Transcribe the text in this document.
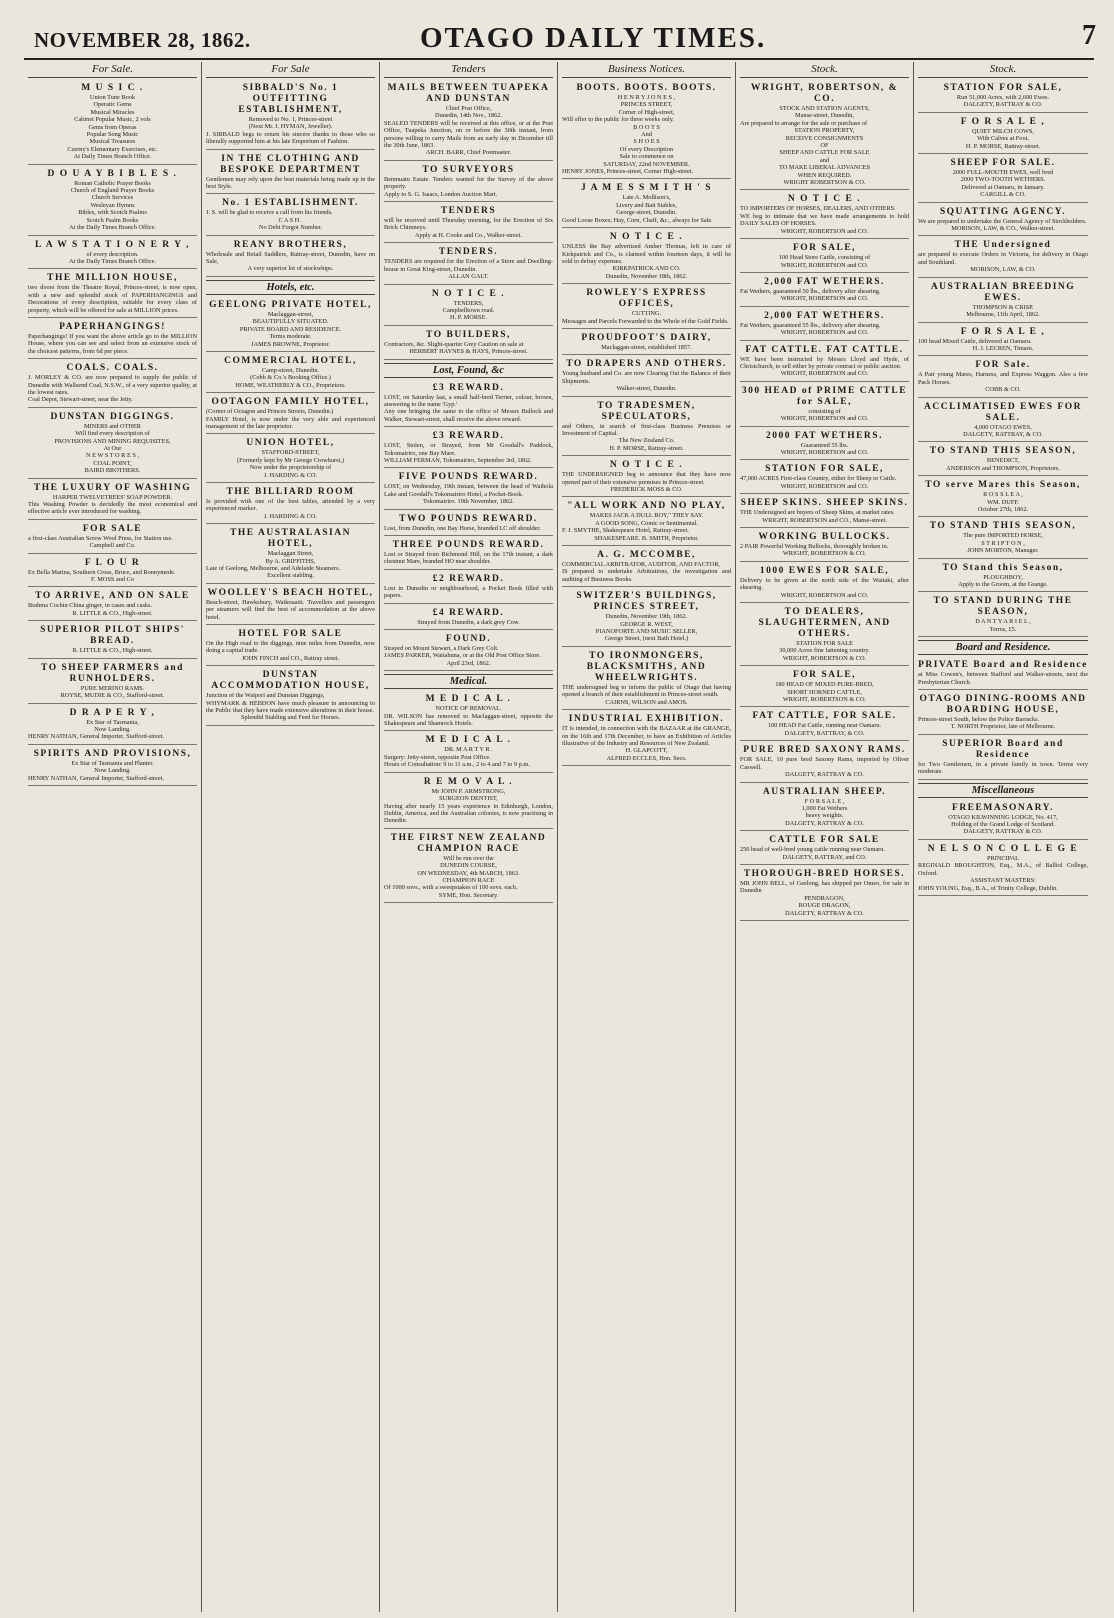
NOVEMBER 28, 1862.	OTAGO DAILY TIMES.	7
For Sale.
M U S I C .
Union Tune Book
Operatic Gems
Musical Miracles
Cabinet Popular Music, 2 vols
Gems from Operas
Popular Song Music
Musical Treasures
Czerny's Elementary Exercises, etc.
At Daily Times Branch Office.
D O U A Y B I B L E S .
Roman Catholic Prayer Books
Church of England Prayer Books
Church Services
Wesleyan Hymns
Bibles, with Scotch Psalms
Scotch Psalm Books
At the Daily Times Branch Office.
L A W S T A T I O N E R Y ,
of every description.
At the Daily Times Branch Office.
THE MILLION HOUSE,
two doors from the Theatre Royal, Princes-street, is now open, with a new and splendid stock of PAPERHANGINGS and Decorations of every description, suitable for every class of property, which will be offered for sale at MILLION prices.
PAPERHANGINGS!
Paperhangings! If you want the above article go to the MILLION House, where you can see and select from an extensive stock of the choicest patterns, from 6d per piece.
COALS. COALS.
J. MORLEY & CO. are now prepared to supply the public of Dunedin with Wallsend Coal, N.S.W., of a very superior quality, at the lowest rates.
Coal Depot, Stewart-street, near the Jetty.
DUNSTAN DIGGINGS.
MINERS and OTHER
Will find every description of
PROVISIONS AND MINING REQUISITES,
At Our
N E W S T O R E S ,
COAL POINT,
BAIRD BROTHERS.
THE LUXURY OF WASHING
HARPER TWELVETREES' SOAP POWDER.
This Washing Powder is decidedly the most economical and effective article ever introduced for washing.
FOR SALE
a first-class Australian Screw Wool Press, for Station use.
Campbell and Co.
F L O U R
Ex Bella Marina, Southern Cross, Bruce, and Ronnymede.
F. MOSS and Co
TO ARRIVE, AND ON SALE
Brahma Cochin China ginger, in cases and casks.
R. LITTLE & CO., High-street.
SUPERIOR PILOT SHIPS' BREAD.
R. LITTLE & CO., High-street.
TO SHEEP FARMERS and RUNHOLDERS.
PURE MERINO RAMS.
ROYSE, MUDIE & CO., Stafford-street.
D R A P E R Y ,
Ex Star of Tasmania,
Now Landing.
HENRY NATHAN, General Importer, Stafford-street.
SPIRITS AND PROVISIONS,
Ex Star of Tasmania and Planter.
Now Landing.
HENRY NATHAN, General Importer, Stafford-street.
For Sale
SIBBALD'S No. 1 OUTFITTING ESTABLISHMENT,
Removed to No. 1, Princes-street
(Next Mr. J. HYMAN, Jeweller).
J. SIBBALD begs to return his sincere thanks to those who so liberally supported him at his late Emporium of Fashion.
IN THE CLOTHING AND BESPOKE DEPARTMENT
Gentlemen may rely upon the best materials being made up in the best Style.
No. 1 ESTABLISHMENT.
J. S. will be glad to receive a call from his friends.
C A S H .
No Debt Forgot Number.
REANY BROTHERS,
Wholesale and Retail Saddlers, Rattray-street, Dunedin, have on Sale,
A very superior lot of stockwhips.
Hotels, etc.
GEELONG PRIVATE HOTEL,
Maclaggan-street,
BEAUTIFULLY SITUATED.
PRIVATE BOARD AND RESIDENCE.
Terms moderate.
JAMES BROWNE, Proprietor.
COMMERCIAL HOTEL,
Camp-street, Dunedin.
(Cobb & Co.'s Booking Office.)
HOME, WEATHERLY & CO., Proprietors.
OOTAGON FAMILY HOTEL,
(Corner of Octagon and Princes Streets, Dunedin.)
FAMILY Hotel, is now under the very able and experienced management of the late proprietor.
UNION HOTEL,
STAFFORD-STREET,
(Formerly kept by Mr George Crowhurst,)
Now under the proprietorship of
J. HARDING & CO.
THE BILLIARD ROOM
Is provided with one of the best tables, attended by a very experienced marker.
J. HARDING & CO.
THE AUSTRALASIAN HOTEL,
Maclaggan Street,
By A. GRIFFITHS,
Late of Geelong, Melbourne, and Adelaide Steamers.
Excellent stabling.
WOOLLEY'S BEACH HOTEL,
Beach-street, Hawksbury, Waikouaiti. Travellers and passengers per steamers will find the best of accommodation at the above hotel.
HOTEL FOR SALE
On the High road to the diggings, nine miles from Dunedin, now doing a capital trade.
JOHN FINCH and CO., Rattray street.
DUNSTAN ACCOMMODATION HOUSE,
Junction of the Waipori and Dunstan Diggings,
WHYMARK & HEBDON have much pleasure in announcing to the Public that they have made extensive alterations in their house.
Splendid Stabling and Feed for Horses.
Tenders
MAILS BETWEEN TUAPEKA AND DUNSTAN
Chief Post Office,
Dunedin, 14th Nov., 1862.
SEALED TENDERS will be received at this office, or at the Post Office, Tuapeka Junction, on or before the 30th instant, from persons willing to carry Mails from an early day in December till the 30th June, 1863.
ARCH. BARR, Chief Postmaster.
TO SURVEYORS
Benmuatu Estate. Tenders wanted for the Survey of the above property.
Apply to S. G. Isaacs, London Auction Mart.
TENDERS
will be received until Thursday morning, for the Erection of Six Brick Chimneys.
Apply at H. Cooke and Co., Walker-street.
TENDERS.
TENDERS are required for the Erection of a Store and Dwelling-house in Great King-street, Dunedin.
ALLAN GALT.
N O T I C E .
TENDERS,
Campbelltown road.
H. P. MORSE.
TO BUILDERS,
Contractors, &c. Slight-quarter Grey Caution on sale at
HERBERT HAYNES & HAYS, Princes-street.
Lost, Found, &c
£3 REWARD.
LOST, on Saturday last, a small half-bred Terrier, colour, brown, answering to the name 'Gyp.'
Any one bringing the same to the office of Messrs Bullock and Walker, Stewart-street, shall receive the above reward.
£3 REWARD.
LOST, Stolen, or Strayed, from Mr Goodall's Paddock, Tokomairiro, one Bay Mare.
WILLIAM FERMAN, Tokomairiro, September 3rd, 1862.
FIVE POUNDS REWARD.
LOST, on Wednesday, 19th instant, between the head of Waihola Lake and Goodall's Tokomairiro Hotel, a Pocket-Book.
Tokomairiro. 19th November, 1862.
TWO POUNDS REWARD.
Lost, from Dunedin, one Bay Horse, branded LC off shoulder.
THREE POUNDS REWARD.
Lost or Strayed from Richmond Hill, on the 17th instant, a dark chestnut Mare, branded HO near shoulder.
£2 REWARD.
Lost in Dunedin or neighbourhood, a Pocket Book filled with papers.
£4 REWARD.
Strayed from Dunedin, a dark grey Cow.
FOUND.
Strayed on Mount Stewart, a Dark Grey Colt.
JAMES PARKER, Waitahuna, or at the Old Post Office Store.
April 23rd, 1862.
Medical.
M E D I C A L .
NOTICE OF REMOVAL.
DR. WILSON has removed to Maclaggan-street, opposite the Shakespeare and Shamrock Hotels.
M E D I C A L .
DR. M A R T Y R .
Surgery: Jetty-street, opposite Post Office.
Hours of Consultation: 9 to 11 a.m., 2 to 4 and 7 to 9 p.m.
R E M O V A L .
Mr JOHN P. ARMSTRONG,
SURGEON DENTIST,
Having after nearly 15 years experience in Edinburgh, London, Dublin, America, and the Australian colonies, is now practising in Dunedin.
THE FIRST NEW ZEALAND CHAMPION RACE
Will be run over the
DUNEDIN COURSE,
ON WEDNESDAY, 4th MARCH, 1863.
CHAMPION RACE
Of 1000 sovs., with a sweepstakes of 100 sovs. each.
SYME, Hon. Secretary.
Business Notices.
BOOTS. BOOTS. BOOTS.
H E N R Y J O N E S ,
PRINCES STREET,
Corner of High-street,
Will offer to the public for three weeks only.
B O O T S
And
S H O E S
Of every Description
Sale to commence on
SATURDAY, 22nd NOVEMBER.
HENRY JONES, Princes-street, Corner High-street.
J A M E S S M I T H ' S
Late A. Mollison's,
Livery and Bait Stables,
George-street, Dunedin.
Good Loose Boxes; Hay, Corn, Chaff, &c., always for Sale.
N O T I C E .
UNLESS the Bay advertised Amber Thomas, left in care of Kirkpatrick and Co., is claimed within fourteen days, it will be sold to defray expenses.
KIRKPATRICK AND CO.
Dunedin, November 18th, 1862.
ROWLEY'S EXPRESS OFFICES,
CUTTING.
Messages and Parcels Forwarded to the Whole of the Gold Fields.
PROUDFOOT'S DAIRY,
Maclaggan-street, established 1857.
TO DRAPERS AND OTHERS.
Young husband and Co. are now Clearing Out the Balance of their Shipments.
Walker-street, Dunedin.
TO TRADESMEN, SPECULATORS,
and Others, in search of first-class Business Premises or Investment of Capital.
The New Zealand Co.
H. P. MORSE, Rattray-street.
N O T I C E .
THE UNDERSIGNED beg to announce that they have now opened part of their extensive premises in Princes-street.
FREDERICK MOSS & CO.
"ALL WORK AND NO PLAY,
MAKES JACK A DULL BOY," THEY SAY.
A GOOD SONG, Comic or Sentimental.
F. J. SMYTHE, Shakespeare Hotel, Rattray-street.
SHAKESPEARE. B. SMITH, Proprietor.
A. G. MCCOMBE,
COMMERCIAL ARBITRATOR, AUDITOR, AND FACTOR,
IS prepared to undertake Arbitrations, the investigation and auditing of Business Books.
SWITZER'S BUILDINGS, PRINCES STREET,
Dunedin, November 19th, 1862.
GEORGE R. WEST,
PIANOFORTE AND MUSIC SELLER,
George Street, (next Bath Hotel.)
TO IRONMONGERS, BLACKSMITHS, AND WHEELWRIGHTS.
THE undersigned beg to inform the public of Otago that having opened a branch of their establishment in Princes-street south.
CAIRNS, WILSON and AMOS.
INDUSTRIAL EXHIBITION.
IT is intended, in connection with the BAZAAR at the GRANGE, on the 16th and 17th December, to have an Exhibition of Articles illustrative of the Industry and Resources of New Zealand.
H. GLAPCOTT,
ALFRED ECCLES, Hon. Secs.
Stock.
WRIGHT, ROBERTSON, & CO.
STOCK AND STATION AGENTS,
Manse-street, Dunedin,
Are prepared to arrange for the sale or purchase of
STATION PROPERTY,
RECEIVE CONSIGNMENTS
OF
SHEEP AND CATTLE FOR SALE
and
TO MAKE LIBERAL ADVANCES
WHEN REQUIRED.
WRIGHT ROBERTSON & CO.
N O T I C E .
TO IMPORTERS OF HORSES, DEALERS, AND OTHERS.
WE beg to intimate that we have made arrangements to hold DAILY SALES OF HORSES.
WRIGHT, ROBERTSON and CO.
FOR SALE,
100 Head Store Cattle, consisting of
WRIGHT, ROBERTSON and CO.
2,000 FAT WETHERS.
Fat Wethers, guaranteed 50 lbs., delivery after shearing.
WRIGHT, ROBERTSON and CO.
2,000 FAT WETHERS.
Fat Wethers, guaranteed 55 lbs., delivery after shearing.
WRIGHT, ROBERTSON and CO.
FAT CATTLE. FAT CATTLE.
WE have been instructed by Messrs Lloyd and Hyde, of Christchurch, to sell either by private contract or public auction.
WRIGHT, ROBERTSON and CO.
300 HEAD of PRIME CATTLE for SALE,
consisting of
WRIGHT, ROBERTSON and CO.
2000 FAT WETHERS.
Guaranteed 55 lbs.
WRIGHT, ROBERTSON and CO.
STATION FOR SALE,
47,000 ACRES First-class Country, either for Sheep or Cattle.
WRIGHT, ROBERTSON and CO.
SHEEP SKINS. SHEEP SKINS.
THE Undersigned are buyers of Sheep Skins, at market rates.
WRIGHT, ROBERTSON and CO., Manse-street.
WORKING BULLOCKS.
2 PAIR Powerful Working Bullocks, thoroughly broken in.
WRIGHT, ROBERTSON & CO.
1000 EWES FOR SALE,
Delivery to be given at the north side of the Waitaki, after shearing.
WRIGHT, ROBERTSON and CO.
TO DEALERS, SLAUGHTERMEN, AND OTHERS.
STATION FOR SALE
30,000 Acres fine fattening country.
WRIGHT, ROBERTSON & CO.
FOR SALE,
180 HEAD OF MIXED PURE-BRED,
SHORT HORNED CATTLE,
WRIGHT, ROBERTSON & CO.
FAT CATTLE, FOR SALE.
100 HEAD Fat Cattle, running near Oamaru.
DALGETY, RATTRAY, & CO.
PURE BRED SAXONY RAMS.
FOR SALE, 10 pure bred Saxony Rams, imported by Oliver Caswell.
DALGETY, RATTRAY & CO.
AUSTRALIAN SHEEP.
F O R S A L E ,
1,000 Fat Wethers
heavy weights.
DALGETY, RATTRAY & CO.
CATTLE FOR SALE
250 head of well-bred young cattle running near Oamaru.
DALGETY, RATTRAY, and CO.
THOROUGH-BRED HORSES.
MR JOHN BELL, of Geelong, has shipped per Omeo, for sale in Dunedin
PENDRAGON,
ROUGE DRAGON,
DALGETY, RATTRAY & CO.
Stock.
STATION FOR SALE,
Run 51,000 Acres, with 2,600 Ewes.
DALGETY, RATTRAY & CO.
F O R S A L E ,
QUIET MILCH COWS,
With Calves at Foot.
H. P. MORSE, Rattray-street.
SHEEP FOR SALE.
2000 FULL-MOUTH EWES, well bred
2000 TWO-TOOTH WETHERS.
Delivered at Oamaru, in January.
CARGILL & CO.
SQUATTING AGENCY.
We are prepared to undertake the General Agency of Stockholders.
MORISON, LAW, & CO., Walker-street.
THE Undersigned
are prepared to execute Orders in Victoria, for delivery in Otago and Southland.
MORISON, LAW, & CO.
AUSTRALIAN BREEDING EWES.
THOMPSON & CRISP.
Melbourne, 11th April, 1862.
F O R S A L E ,
100 head Mixed Cattle, delivered at Oamaru.
H. J. LECREN, Timaru.
FOR Sale.
A Pair young Mares, Harness, and Express Waggon. Also a few Pack Horses.
COBB & CO.
ACCLIMATISED EWES FOR SALE.
4,000 OTAGO EWES,
DALGETY, RATTRAY, & CO.
TO STAND THIS SEASON,
BENEDICT,
ANDERSON and THOMPSON, Proprietors.
TO serve Mares this Season,
R O S S L E A ,
WM. DUFF.
October 27th, 1862.
TO STAND THIS SEASON,
The pure IMPORTED HORSE,
S T R I P T O N ,
JOHN MORTON, Manager.
TO Stand this Season,
PLOUGHBOY,
Apply to the Groom, at the Grange.
TO STAND DURING THE SEASON,
D A N T Y A R I E L ,
Terms, £5.
Board and Residence.
PRIVATE Board and Residence
at Miss Cowen's, between Stafford and Walker-streets, next the Presbyterian Church.
OTAGO DINING-ROOMS AND BOARDING HOUSE,
Princes-street South, below the Police Barracks.
T. NORTH Proprietor, late of Melbourne.
SUPERIOR Board and Residence
for Two Gentlemen, in a private family in town. Terms very moderate.
Miscellaneous
FREEMASONARY.
OTAGO KILWINNING LODGE, No. 417,
Holding of the Grand Lodge of Scotland.
DALGETY, RATTRAY & CO.
N E L S O N C O L L E G E
PRINCIPAL
REGINALD BROUGHTON, Esq., M.A., of Balliol College, Oxford.
ASSISTANT MASTERS:
JOHN YOUNG, Esq., B.A., of Trinity College, Dublin.
